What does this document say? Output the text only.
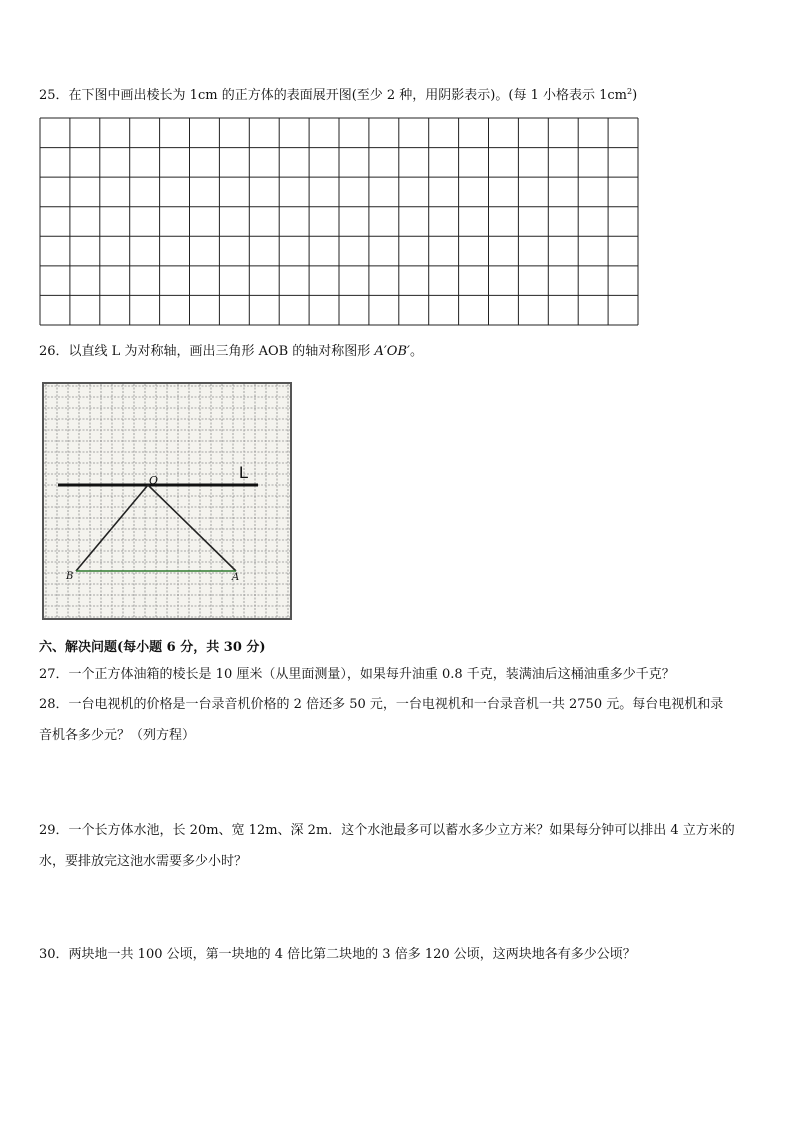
25．在下图中画出棱长为 1cm 的正方体的表面展开图(至少 2 种，用阴影表示)。(每 1 小格表示 $1cm^2$)
26．以直线 L 为对称轴，画出三角形 AOB 的轴对称图形 A′OB′。
L
O
B	A
六、解决问题(每小题 6 分，共 30 分)
27．一个正方体油箱的棱长是 10 厘米（从里面测量），如果每升油重 0.8 千克，装满油后这桶油重多少千克？
28．一台电视机的价格是一台录音机价格的 2 倍还多 50 元，一台电视机和一台录音机一共 2750 元。每台电视机和录
音机各多少元？（列方程）
29．一个长方体水池，长 20m、宽 12m、深 2m．这个水池最多可以蓄水多少立方米？如果每分钟可以排出 4 立方米的
水，要排放完这池水需要多少小时？
30．两块地一共 100 公顷，第一块地的 4 倍比第二块地的 3 倍多 120 公顷，这两块地各有多少公顷？
